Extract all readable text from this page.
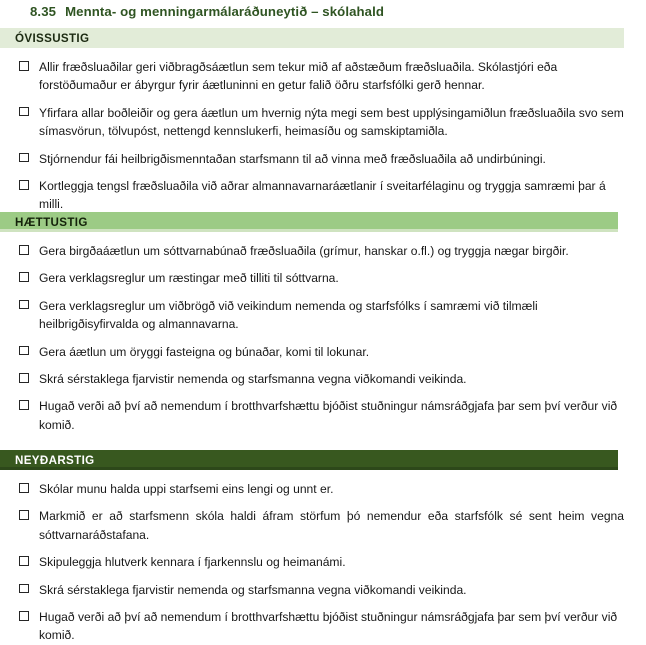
8.35 Mennta- og menningarmálaráðuneytið – skólahald
ÓVISSUSTIG
Allir fræðsluaðilar geri viðbragðsáætlun sem tekur mið af aðstæðum fræðsluaðila. Skólastjóri eða forstöðumaður er ábyrgur fyrir áætluninni en getur falið öðru starfsfólki gerð hennar.
Yfirfara allar boðleiðir og gera áætlun um hvernig nýta megi sem best upplýsingamiðlun fræðsluaðila svo sem símasvörun, tölvupóst, nettengd kennslukerfi, heimasíðu og samskiptamiðla.
Stjórnendur fái heilbrigðismenntaðan starfsmann til að vinna með fræðsluaðila að undirbúningi.
Kortleggja tengsl fræðsluaðila við aðrar almannavarnaráætlanir í sveitarfélaginu og tryggja samræmi þar á milli.
HÆTTUSTIG
Gera birgðaáætlun um sóttvarnabúnað fræðsluaðila (grímur, hanskar o.fl.) og tryggja nægar birgðir.
Gera verklagsreglur um ræstingar með tilliti til sóttvarna.
Gera verklagsreglur um viðbrögð við veikindum nemenda og starfsfólks í samræmi við tilmæli heilbrigðisyfirvalda og almannavarna.
Gera áætlun um öryggi fasteigna og búnaðar, komi til lokunar.
Skrá sérstaklega fjarvistir nemenda og starfsmanna vegna viðkomandi veikinda.
Hugað verði að því að nemendum í brotthvarfshættu bjóðist stuðningur námsráðgjafa þar sem því verður við komið.
NEYÐARSTIG
Skólar munu halda uppi starfsemi eins lengi og unnt er.
Markmið er að starfsmenn skóla haldi áfram störfum þó nemendur eða starfsfólk sé sent heim vegna sóttvarnaráðstafana.
Skipuleggja hlutverk kennara í fjarkennslu og heimanámi.
Skrá sérstaklega fjarvistir nemenda og starfsmanna vegna viðkomandi veikinda.
Hugað verði að því að nemendum í brotthvarfshættu bjóðist stuðningur námsráðgjafa þar sem því verður við komið.
